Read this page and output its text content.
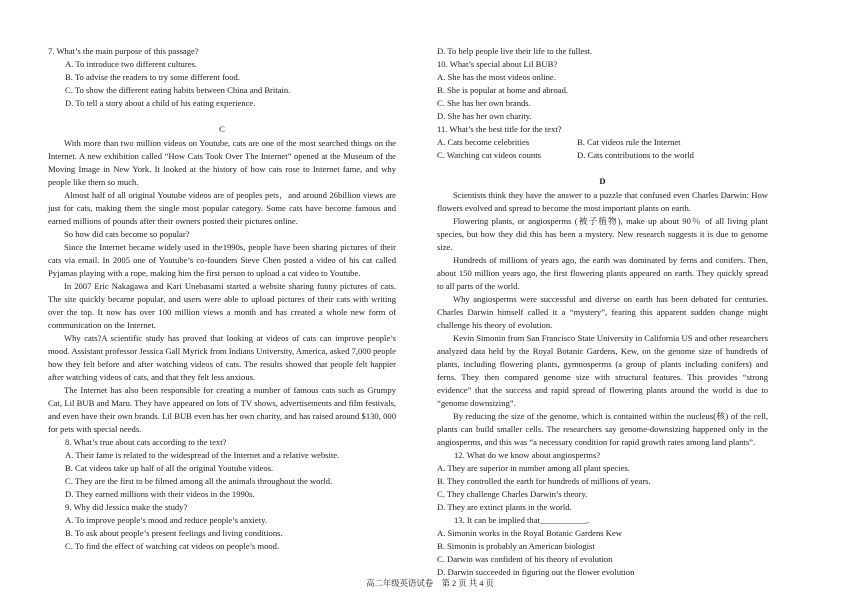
7. What’s the main purpose of this passage?

A. To introduce two different cultures.

B. To advise the readers to try some different food.

C. To show the different eating habits between China and Britain.

D. To tell a story about a child of his eating experience.

C

With more than two million videos on Youtube, cats are one of the most searched things on the Internet. A new exhibition called “How Cats Took Over The Internet” opened at the Museum of the Moving Image in New York. It looked at the history of how cats rose to Internet fame, and why people like them so much.

Almost half of all original Youtube videos are of peoples pets，and around 26billion views are just for cats, making them the single most popular category. Some cats have become famous and earned millions of pounds after their owners posted their pictures online.

So how did cats become so popular?

Since the Internet became widely used in the1990s, people have been sharing pictures of their cats via email. In 2005 one of Youtube’s co-founders Steve Chen posted a video of his cat called Pyjamas playing with a rope, making him the first person to upload a cat video to Youtube.

In 2007 Eric Nakagawa and Kari Unebasami started a website sharing funny pictures of cats. The site quickly became popular, and users were able to upload pictures of their cats with writing over the top. It now has over 100 million views a month and has created a whole new form of communication on the Internet.

Why cats?A scientific study has proved that looking at videos of cats can improve people’s mood. Assistant professor Jessica Gall Myrick from Indians University, America, asked 7,000 people how they felt before and after watching videos of cats. The results showed that people felt happier after watching videos of cats, and that they felt less anxious.

The Internet has also been responsible for creating a number of famous cats such as Grumpy Cat, Lil BUB and Maru. They have appeared on lots of TV shows, advertisements and film festivals, and even have their own brands. Lil BUB even has her own charity, and has raised around $130, 000 for pets with special needs.

8. What’s true about cats according to the text?

A. Their fame is related to the widespread of the Internet and a relative website.

B. Cat videos take up half of all the original Youtube videos.

C. They are the first to be filmed among all the animals throughout the world.

D. They earned millions with their videos in the 1990s.

9. Why did Jessica make the study?

A. To improve people’s mood and reduce people’s anxiety.

B. To ask about people’s present feelings and living conditions.

C. To find the effect of watching cat videos on people’s mood.

D. To help people live their life to the fullest.

10. What’s special about Lil BUB?

A. She has the most videos online.

B. She is popular at home and abroad.

C. She has her own brands.

D. She has her own charity.

11. What’s the best title for the text?

A. Cats become celebrities	B. Cat videos rule the Internet
C. Watching cat videos counts	D. Cats contributions to the world

D

Scientists think they have the answer to a puzzle that confused even Charles Darwin: How flowers evolved and spread to become the most important plants on earth.

Flowering plants, or angiosperms (被子植物), make up about 90％ of all living plant species, but how they did this has been a mystery. New research suggests it is due to genome size.

Hundreds of millions of years ago, the earth was dominated by ferns and conifers. Then, about 150 million years ago, the first flowering plants appeared on earth. They quickly spread to all parts of the world.

Why angiosperms were successful and diverse on earth has been debated for centuries. Charles Darwin himself called it a “mystery”, fearing this apparent sudden change might challenge his theory of evolution.

Kevin Simonin from San Francisco State University in California US and other researchers analyzed data held by the Royal Botanic Gardens, Kew, on the genome size of hundreds of plants, including flowering plants, gymnosperms (a group of plants including conifers) and ferns. They then compared genome size with structural features. This provides “strong evidence” that the success and rapid spread of flowering plants around the world is due to “genome downsizing”.

By reducing the size of the genome, which is contained within the nucleus(核) of the cell, plants can build smaller cells. The researchers say genome-downsizing happened only in the angiosperms, and this was “a necessary condition for rapid growth rates among land plants”.

12. What do we know about angiosperms?

A. They are superior in number among all plant species.

B. They controlled the earth for hundreds of millions of years.

C. They challenge Charles Darwin’s theory.

D. They are extinct plants in the world.

13. It can be implied that___________.

A. Simonin works in the Royal Botanic Gardens Kew

B. Simonin is probably an American biologist

C. Darwin was confident of his theory of evolution

D. Darwin succeeded in figuring out the flower evolution

高二年级英语试卷　第 2 页 共 4 页
